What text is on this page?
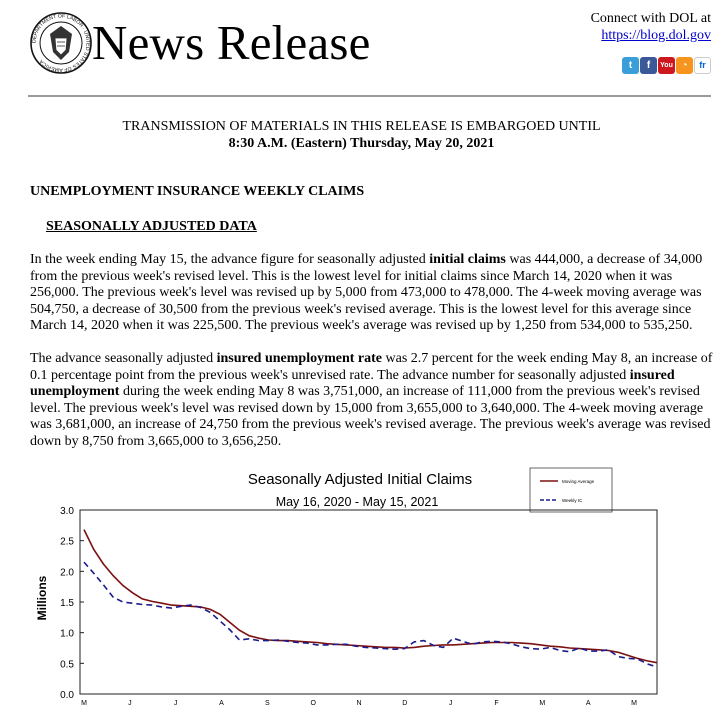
DEPARTMENT OF LABOR · UNITED STATES OF AMERICA News Release	Connect with DOL at
https://blog.dol.gov
t	f	You ◔	fr
TRANSMISSION OF MATERIALS IN THIS RELEASE IS EMBARGOED UNTIL
8:30 A.M. (Eastern) Thursday, May 20, 2021
UNEMPLOYMENT INSURANCE WEEKLY CLAIMS
SEASONALLY ADJUSTED DATA

In the week ending May 15, the advance figure for seasonally adjusted initial claims was 444,000, a decrease of 34,000 from the previous week's revised level. This is the lowest level for initial claims since March 14, 2020 when it was 256,000. The previous week's level was revised up by 5,000 from 473,000 to 478,000. The 4-week moving average was 504,750, a decrease of 30,500 from the previous week's revised average. This is the lowest level for this average since March 14, 2020 when it was 225,500. The previous week's average was revised up by 1,250 from 534,000 to 535,250.

The advance seasonally adjusted insured unemployment rate was 2.7 percent for the week ending May 8, an increase of 0.1 percentage point from the previous week's unrevised rate. The advance number for seasonally adjusted insured unemployment during the week ending May 8 was 3,751,000, an increase of 111,000 from the previous week's revised level. The previous week's level was revised down by 15,000 from 3,655,000 to 3,640,000. The 4-week moving average was 3,681,000, an increase of 24,750 from the previous week's revised average. The previous week's average was revised down by 8,750 from 3,665,000 to 3,656,250.

Seasonally Adjusted Initial Claims
May 16, 2020 - May 15, 2021
Moving Average
Weekly IC
Millions
0.0
0.5
1.0
1.5
2.0
2.5
3.0
M	J	J	A	S	O	N	D	J	F	M	A	M
